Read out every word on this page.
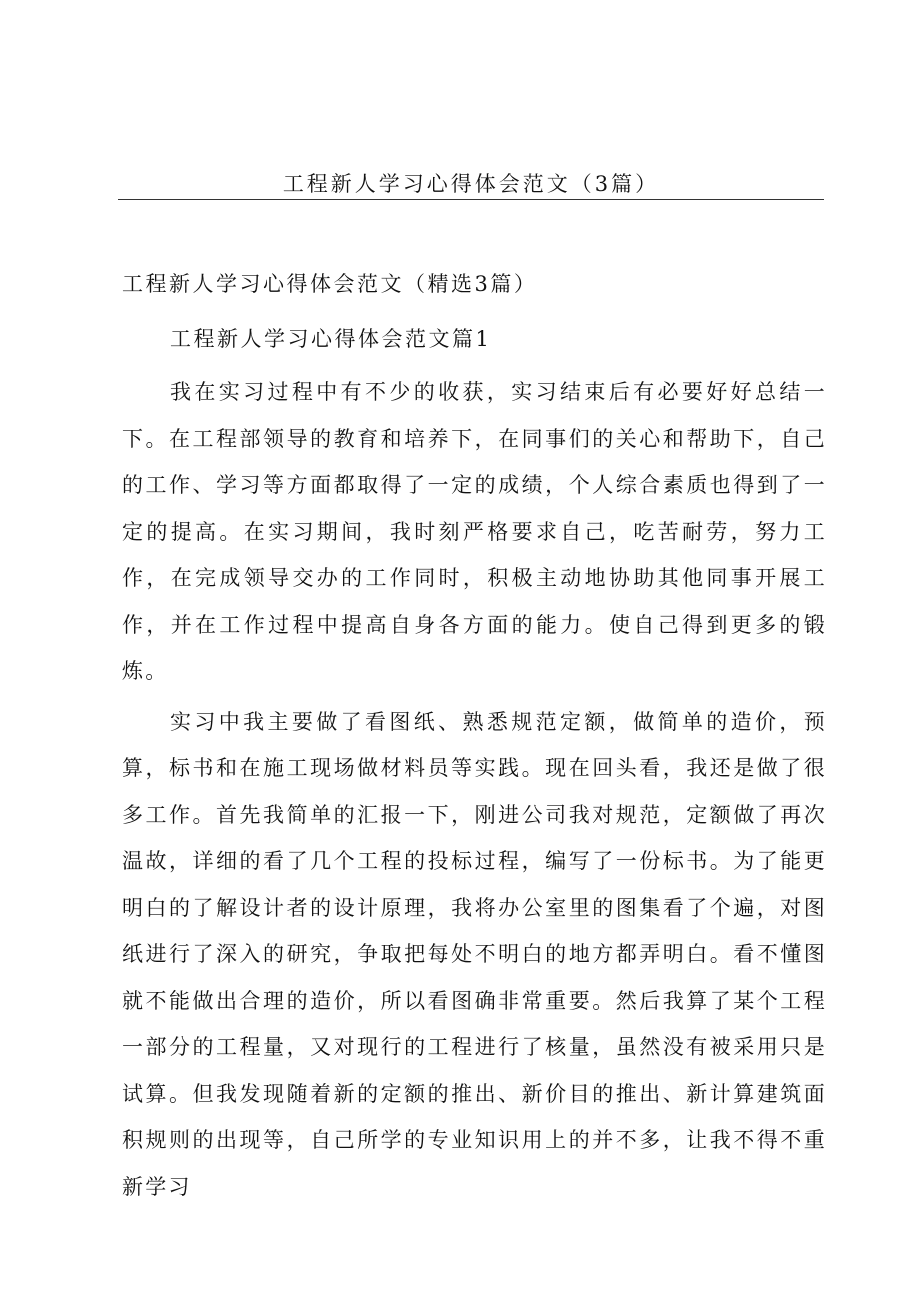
工程新人学习心得体会范文（3篇）
工程新人学习心得体会范文（精选3篇）
工程新人学习心得体会范文篇1

我在实习过程中有不少的收获，实习结束后有必要好好总结一下。在工程部领导的教育和培养下，在同事们的关心和帮助下，自己的工作、学习等方面都取得了一定的成绩，个人综合素质也得到了一定的提高。在实习期间，我时刻严格要求自己，吃苦耐劳，努力工作，在完成领导交办的工作同时，积极主动地协助其他同事开展工作，并在工作过程中提高自身各方面的能力。使自己得到更多的锻炼。

实习中我主要做了看图纸、熟悉规范定额，做简单的造价，预算，标书和在施工现场做材料员等实践。现在回头看，我还是做了很多工作。首先我简单的汇报一下，刚进公司我对规范，定额做了再次温故，详细的看了几个工程的投标过程，编写了一份标书。为了能更明白的了解设计者的设计原理，我将办公室里的图集看了个遍，对图纸进行了深入的研究，争取把每处不明白的地方都弄明白。看不懂图就不能做出合理的造价，所以看图确非常重要。然后我算了某个工程一部分的工程量，又对现行的工程进行了核量，虽然没有被采用只是试算。但我发现随着新的定额的推出、新价目的推出、新计算建筑面积规则的出现等，自己所学的专业知识用上的并不多，让我不得不重新学习
